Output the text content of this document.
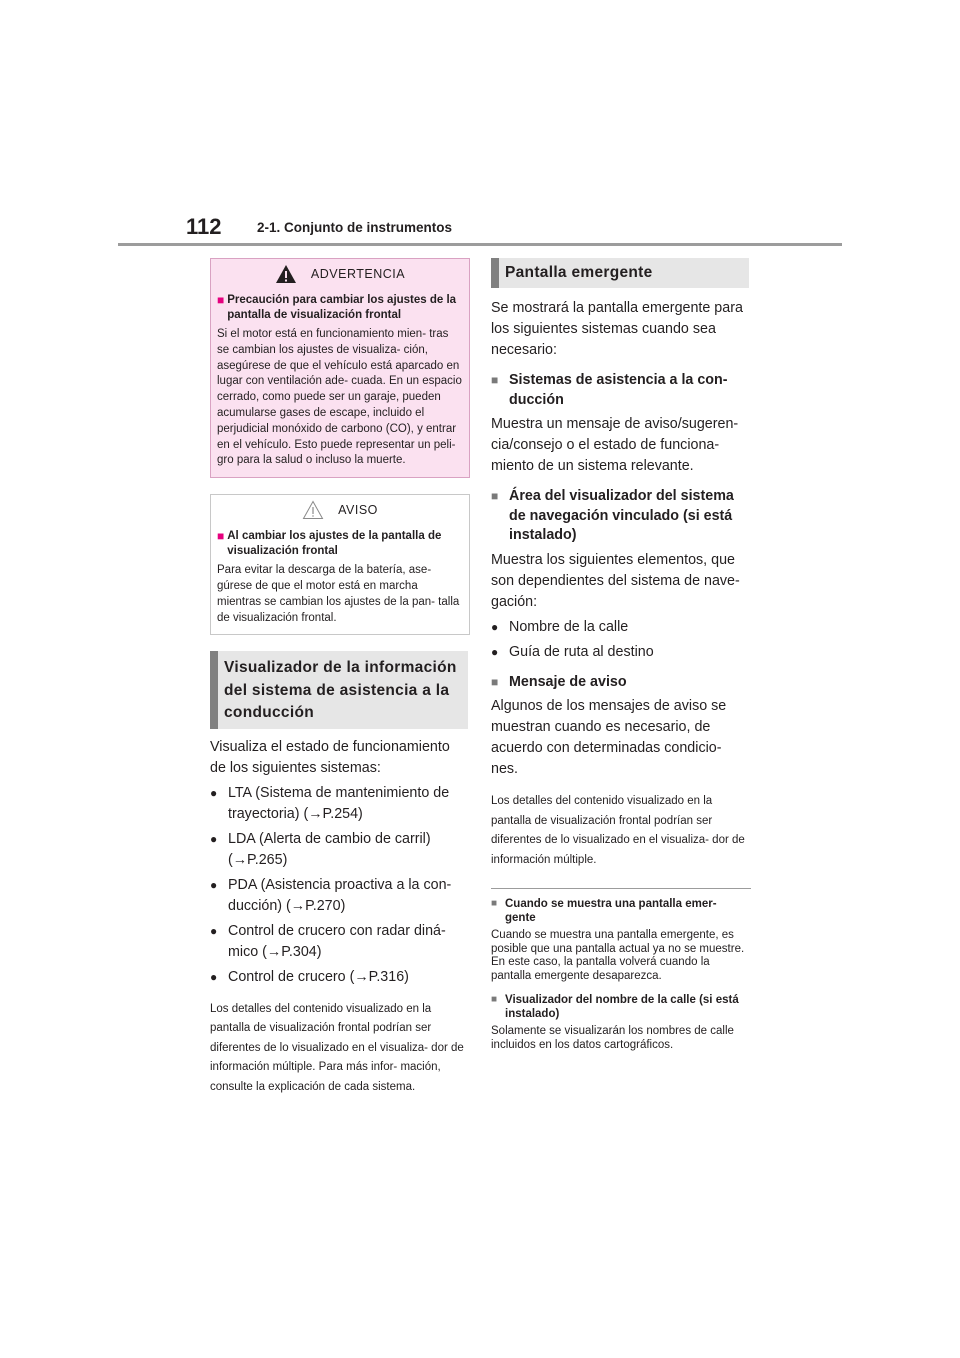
112	2-1. Conjunto de instrumentos
ADVERTENCIA
■ Precaución para cambiar los ajustes de la pantalla de visualización frontal
Si el motor está en funcionamiento mien- tras se cambian los ajustes de visualiza- ción, asegúrese de que el vehículo está aparcado en lugar con ventilación ade- cuada. En un espacio cerrado, como puede ser un garaje, pueden acumularse gases de escape, incluido el perjudicial monóxido de carbono (CO), y entrar en el vehículo. Esto puede representar un peli- gro para la salud o incluso la muerte.
AVISO
■ Al cambiar los ajustes de la pantalla de visualización frontal
Para evitar la descarga de la batería, ase- gúrese de que el motor está en marcha mientras se cambian los ajustes de la pan- talla de visualización frontal.
Visualizador de la información del sistema de asistencia a la conducción
Visualiza el estado de funcionamiento de los siguientes sistemas:
● LTA (Sistema de mantenimiento de trayectoria) (→P.254)
● LDA (Alerta de cambio de carril) (→P.265)
● PDA (Asistencia proactiva a la con- ducción) (→P.270)
● Control de crucero con radar diná- mico (→P.304)
● Control de crucero (→P.316)
Los detalles del contenido visualizado en la pantalla de visualización frontal podrían ser diferentes de lo visualizado en el visualiza- dor de información múltiple. Para más infor- mación, consulte la explicación de cada sistema.
Pantalla emergente
Se mostrará la pantalla emergente para los siguientes sistemas cuando sea necesario:
■ Sistemas de asistencia a la con- ducción
Muestra un mensaje de aviso/sugeren- cia/consejo o el estado de funciona- miento de un sistema relevante.
■ Área del visualizador del sistema de navegación vinculado (si está instalado)
Muestra los siguientes elementos, que son dependientes del sistema de nave- gación:
● Nombre de la calle
● Guía de ruta al destino
■ Mensaje de aviso
Algunos de los mensajes de aviso se muestran cuando es necesario, de acuerdo con determinadas condicio- nes.
Los detalles del contenido visualizado en la pantalla de visualización frontal podrían ser diferentes de lo visualizado en el visualiza- dor de información múltiple.
■ Cuando se muestra una pantalla emer- gente
Cuando se muestra una pantalla emergente, es posible que una pantalla actual ya no se muestre. En este caso, la pantalla volverá cuando la pantalla emergente desaparezca.
■ Visualizador del nombre de la calle (si está instalado)
Solamente se visualizarán los nombres de calle incluidos en los datos cartográficos.
